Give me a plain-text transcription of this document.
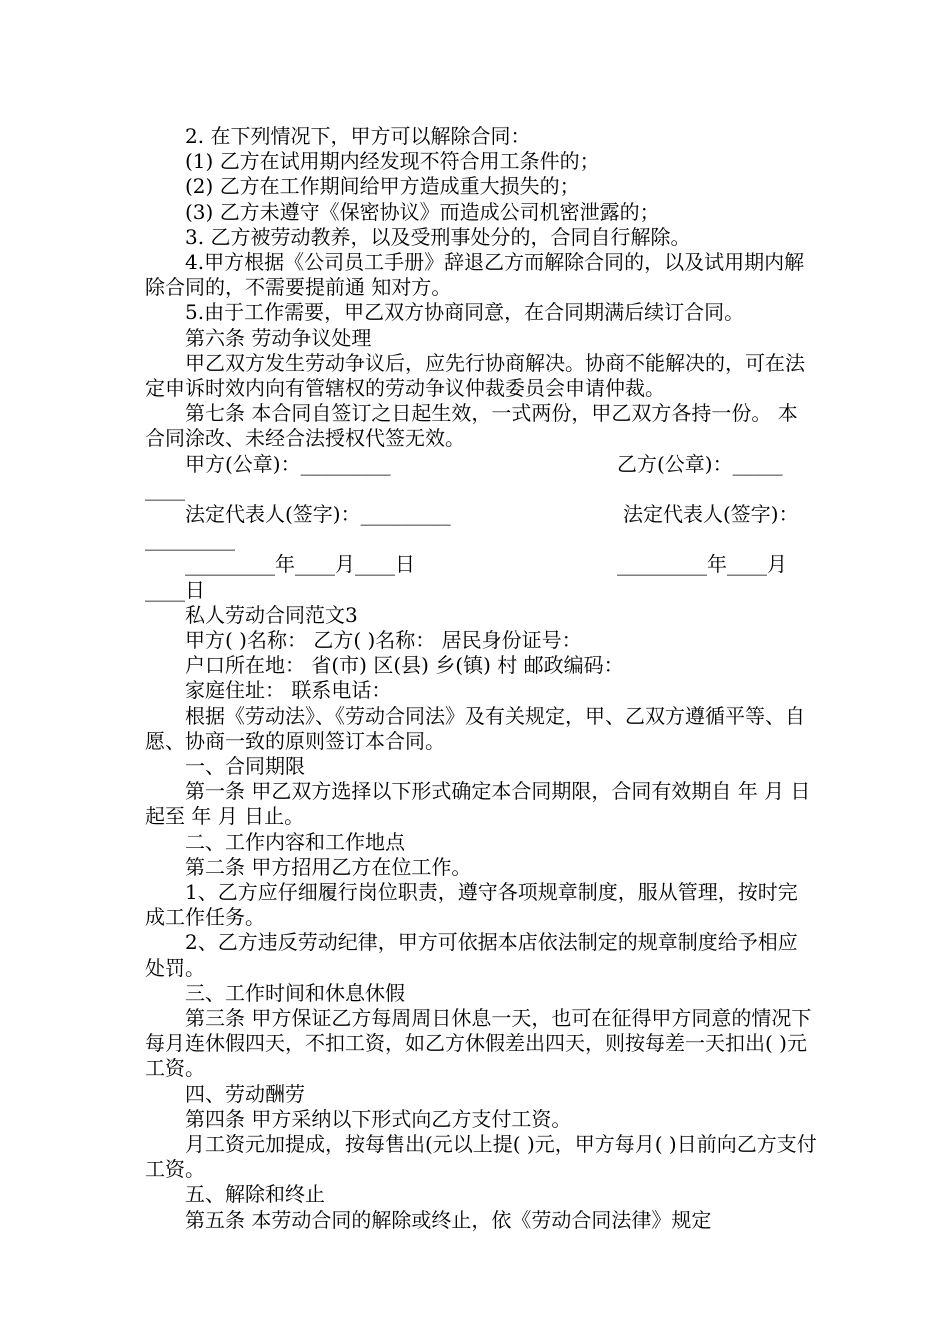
2. 在下列情况下，甲方可以解除合同：

(1) 乙方在试用期内经发现不符合用工条件的；

(2) 乙方在工作期间给甲方造成重大损失的；

(3) 乙方未遵守《保密协议》而造成公司机密泄露的；

3. 乙方被劳动教养，以及受刑事处分的，合同自行解除。

4.甲方根据《公司员工手册》辞退乙方而解除合同的，以及试用期内解除合同的，不需要提前通 知对方。

5.由于工作需要，甲乙双方协商同意，在合同期满后续订合同。

第六条 劳动争议处理

甲乙双方发生劳动争议后，应先行协商解决。协商不能解决的，可在法定申诉时效内向有管辖权的劳动争议仲裁委员会申请仲裁。

第七条 本合同自签订之日起生效，一式两份，甲乙双方各持一份。 本合同涂改、未经合法授权代签无效。

甲方(公章)：_________	乙方(公章)：_____
____
法定代表人(签字)：_________	法定代表人(签字)：
_________
_________年____月____日	_________年____月
____日

私人劳动合同范文3

甲方( )名称： 乙方( )名称： 居民身份证号：

户口所在地： 省(市) 区(县) 乡(镇) 村 邮政编码：

家庭住址： 联系电话：

根据《劳动法》、《劳动合同法》及有关规定，甲、乙双方遵循平等、自愿、协商一致的原则签订本合同。

一、合同期限

第一条 甲乙双方选择以下形式确定本合同期限，合同有效期自 年 月 日起至 年 月 日止。

二、工作内容和工作地点

第二条 甲方招用乙方在位工作。

1、乙方应仔细履行岗位职责，遵守各项规章制度，服从管理，按时完成工作任务。

2、乙方违反劳动纪律，甲方可依据本店依法制定的规章制度给予相应处罚。

三、工作时间和休息休假

第三条 甲方保证乙方每周周日休息一天，也可在征得甲方同意的情况下每月连休假四天，不扣工资，如乙方休假差出四天，则按每差一天扣出( )元工资。

四、劳动酬劳

第四条 甲方采纳以下形式向乙方支付工资。

月工资元加提成，按每售出(元以上提( )元，甲方每月( )日前向乙方支付工资。

五、解除和终止

第五条 本劳动合同的解除或终止，依《劳动合同法律》规定
